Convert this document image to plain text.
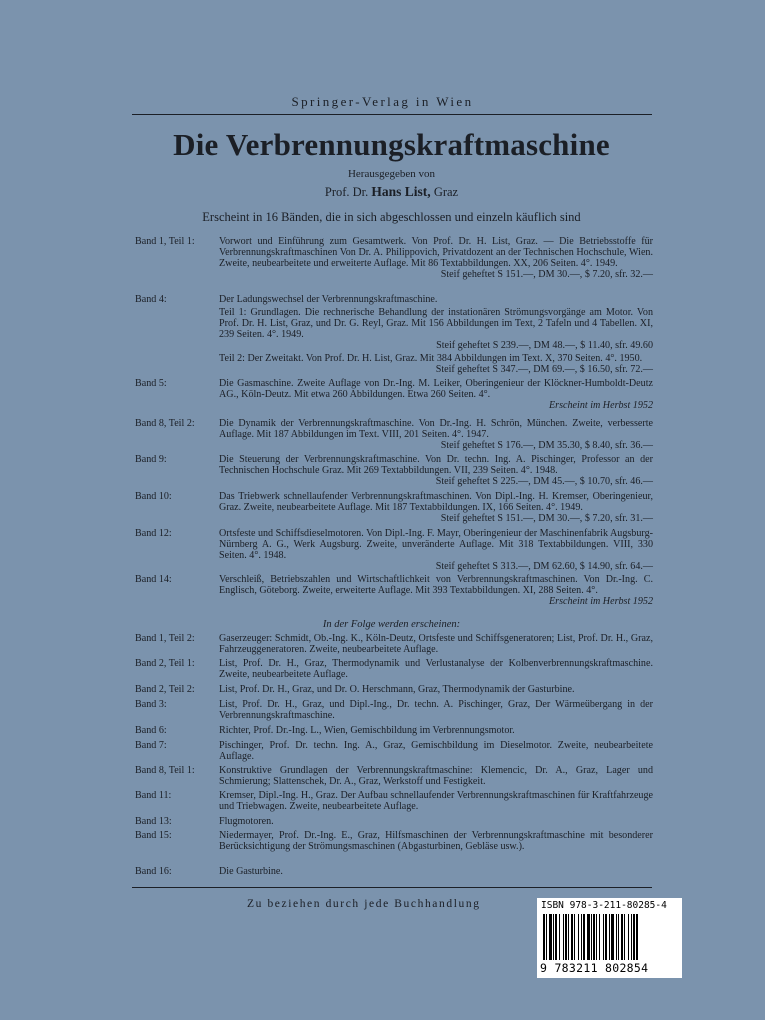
Springer-Verlag in Wien
Die Verbrennungskraftmaschine
Herausgegeben von
Prof. Dr. Hans List, Graz
Erscheint in 16 Bänden, die in sich abgeschlossen und einzeln käuflich sind
Band 1, Teil 1: Vorwort und Einführung zum Gesamtwerk. Von Prof. Dr. H. List, Graz. — Die Betriebsstoffe für Verbrennungskraftmaschinen Von Dr. A. Philippovich, Privatdozent an der Technischen Hochschule, Wien. Zweite, neubearbeitete und erweiterte Auflage. Mit 86 Textabbildungen. XX, 206 Seiten. 4°. 1949.
Steif geheftet S 151.—, DM 30.—, $ 7.20, sfr. 32.—
Band 4:	Der Ladungswechsel der Verbrennungskraftmaschine.
Teil 1: Grundlagen. Die rechnerische Behandlung der instationären Strömungsvorgänge am Motor. Von Prof. Dr. H. List, Graz, und Dr. G. Reyl, Graz. Mit 156 Abbildungen im Text, 2 Tafeln und 4 Tabellen. XI, 239 Seiten. 4°. 1949.
Steif geheftet S 239.—, DM 48.—, $ 11.40, sfr. 49.60
Teil 2: Der Zweitakt. Von Prof. Dr. H. List, Graz. Mit 384 Abbildungen im Text. X, 370 Seiten. 4°. 1950.
Steif geheftet S 347.—, DM 69.—, $ 16.50, sfr. 72.—
Band 5:	Die Gasmaschine. Zweite Auflage von Dr.-Ing. M. Leiker, Oberingenieur der Klöckner-Humboldt-Deutz AG., Köln-Deutz. Mit etwa 260 Abbildungen. Etwa 260 Seiten. 4°.
Erscheint im Herbst 1952
Band 8, Teil 2: Die Dynamik der Verbrennungskraftmaschine. Von Dr.-Ing. H. Schrön, München. Zweite, verbesserte Auflage. Mit 187 Abbildungen im Text. VIII, 201 Seiten. 4°. 1947.
Steif geheftet S 176.—, DM 35.30, $ 8.40, sfr. 36.—
Band 9:	Die Steuerung der Verbrennungskraftmaschine. Von Dr. techn. Ing. A. Pischinger, Professor an der Technischen Hochschule Graz. Mit 269 Textabbildungen. VII, 239 Seiten. 4°. 1948.
Steif geheftet S 225.—, DM 45.—, $ 10.70, sfr. 46.—
Band 10:	Das Triebwerk schnellaufender Verbrennungskraftmaschinen. Von Dipl.-Ing. H. Kremser, Oberingenieur, Graz. Zweite, neubearbeitete Auflage. Mit 187 Textabbildungen. IX, 166 Seiten. 4°. 1949.
Steif geheftet S 151.—, DM 30.—, $ 7.20, sfr. 31.—
Band 12:	Ortsfeste und Schiffsdieselmotoren. Von Dipl.-Ing. F. Mayr, Oberingenieur der Maschinenfabrik Augsburg-Nürnberg A. G., Werk Augsburg. Zweite, unveränderte Auflage. Mit 318 Textabbildungen. VIII, 330 Seiten. 4°. 1948.
Steif geheftet S 313.—, DM 62.60, $ 14.90, sfr. 64.—
Band 14:	Verschleiß, Betriebszahlen und Wirtschaftlichkeit von Verbrennungskraftmaschinen. Von Dr.-Ing. C. Englisch, Göteborg. Zweite, erweiterte Auflage. Mit 393 Textabbildungen. XI, 288 Seiten. 4°.
Erscheint im Herbst 1952
In der Folge werden erscheinen:
Band 1, Teil 2: Gaserzeuger: Schmidt, Ob.-Ing. K., Köln-Deutz, Ortsfeste und Schiffsgeneratoren; List, Prof. Dr. H., Graz, Fahrzeuggeneratoren. Zweite, neubearbeitete Auflage.
Band 2, Teil 1: List, Prof. Dr. H., Graz, Thermodynamik und Verlustanalyse der Kolbenverbrennungskraftmaschine. Zweite, neubearbeitete Auflage.
Band 2, Teil 2: List, Prof. Dr. H., Graz, und Dr. O. Herschmann, Graz, Thermodynamik der Gasturbine.
Band 3:	List, Prof. Dr. H., Graz, und Dipl.-Ing., Dr. techn. A. Pischinger, Graz, Der Wärmeübergang in der Verbrennungskraftmaschine.
Band 6:	Richter, Prof. Dr.-Ing. L., Wien, Gemischbildung im Verbrennungsmotor.
Band 7:	Pischinger, Prof. Dr. techn. Ing. A., Graz, Gemischbildung im Dieselmotor. Zweite, neubearbeitete Auflage.
Band 8, Teil 1: Konstruktive Grundlagen der Verbrennungskraftmaschine: Klemencic, Dr. A., Graz, Lager und Schmierung; Slattenschek, Dr. A., Graz, Werkstoff und Festigkeit.
Band 11:	Kremser, Dipl.-Ing. H., Graz. Der Aufbau schnellaufender Verbrennungskraftmaschinen für Kraftfahrzeuge und Triebwagen. Zweite, neubearbeitete Auflage.
Band 13:	Flugmotoren.
Band 15:	Niedermayer, Prof. Dr.-Ing. E., Graz, Hilfsmaschinen der Verbrennungskraftmaschine mit besonderer Berücksichtigung der Strömungsmaschinen (Abgasturbinen, Gebläse usw.).
Band 16:	Die Gasturbine.
Zu beziehen durch jede Buchhandlung	ISBN 978-3-211-80285-4
9 783211 802854
